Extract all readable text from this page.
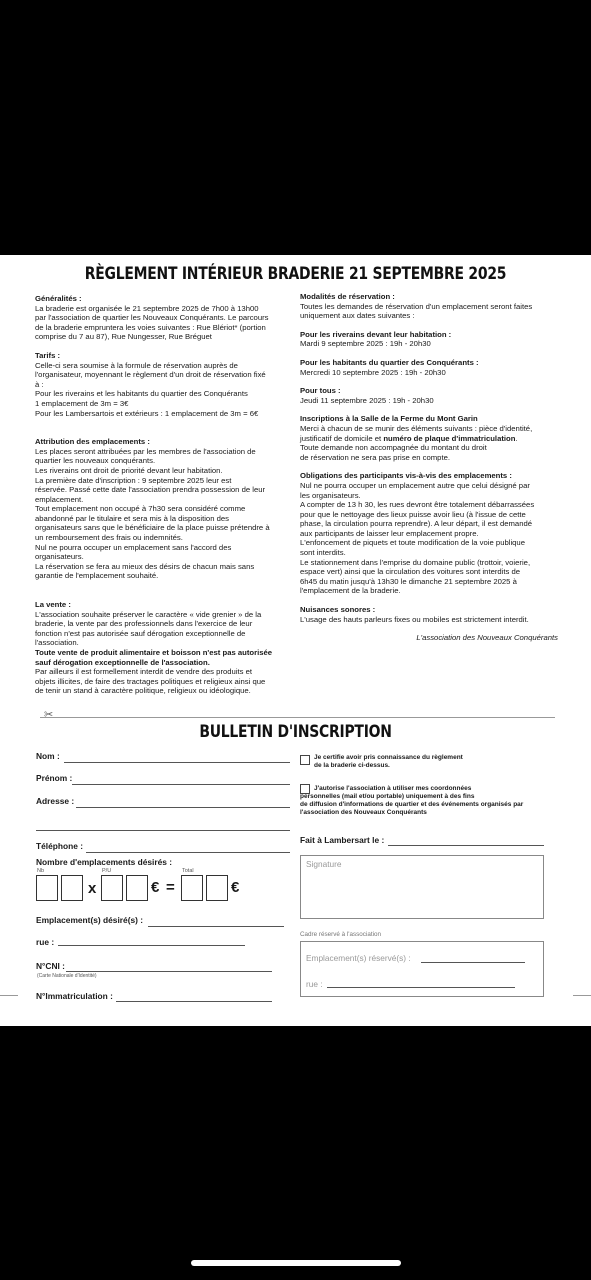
RÈGLEMENT INTÉRIEUR BRADERIE 21 SEPTEMBRE 2025

Généralités :
La braderie est organisée le 21 septembre 2025 de 7h00 à 13h00
par l'association de quartier les Nouveaux Conquérants. Le parcours
de la braderie empruntera les voies suivantes : Rue Blériot* (portion
comprise du 7 au 87), Rue Nungesser, Rue Bréguet

Tarifs :
Celle-ci sera soumise à la formule de réservation auprès de
l'organisateur, moyennant le règlement d'un droit de réservation fixé
à :
Pour les riverains et les habitants du quartier des Conquérants
1 emplacement de 3m = 3€
Pour les Lambersartois et extérieurs : 1 emplacement de 3m = 6€

Attribution des emplacements :
Les places seront attribuées par les membres de l'association de
quartier les nouveaux conquérants.
Les riverains ont droit de priorité devant leur habitation.
La première date d'inscription : 9 septembre 2025 leur est
réservée. Passé cette date l'association prendra possession de leur
emplacement.
Tout emplacement non occupé à 7h30 sera considéré comme
abandonné par le titulaire et sera mis à la disposition des
organisateurs sans que le bénéficiaire de la place puisse prétendre à
un remboursement des frais ou indemnités.
Nul ne pourra occuper un emplacement sans l'accord des
organisateurs.
La réservation se fera au mieux des désirs de chacun mais sans
garantie de l'emplacement souhaité.

La vente :
L'association souhaite préserver le caractère « vide grenier » de la
braderie, la vente par des professionnels dans l'exercice de leur
fonction n'est pas autorisée sauf dérogation exceptionnelle de
l'association.
Toute vente de produit alimentaire et boisson n'est pas autorisée
sauf dérogation exceptionnelle de l'association.
Par ailleurs il est formellement interdit de vendre des produits et
objets illicites, de faire des tractages politiques et religieux ainsi que
de tenir un stand à caractère politique, religieux ou idéologique.

Modalités de réservation :
Toutes les demandes de réservation d'un emplacement seront faites
uniquement aux dates suivantes :

Pour les riverains devant leur habitation :
Mardi 9 septembre 2025 : 19h - 20h30

Pour les habitants du quartier des Conquérants :
Mercredi 10 septembre 2025 : 19h - 20h30

Pour tous :
Jeudi 11 septembre 2025 : 19h - 20h30

Inscriptions à la Salle de la Ferme du Mont Garin
Merci à chacun de se munir des éléments suivants : pièce d'identité,
justificatif de domicile et numéro de plaque d'immatriculation.
Toute demande non accompagnée du montant du droit
de réservation ne sera pas prise en compte.

Obligations des participants vis-à-vis des emplacements :
Nul ne pourra occuper un emplacement autre que celui désigné par
les organisateurs.
A compter de 13 h 30, les rues devront être totalement débarrassées
pour que le nettoyage des lieux puisse avoir lieu (à l'issue de cette
phase, la circulation pourra reprendre). A leur départ, il est demandé
aux participants de laisser leur emplacement propre.
L'enfoncement de piquets et toute modification de la voie publique
sont interdits.
Le stationnement dans l'emprise du domaine public (trottoir, voierie,
espace vert) ainsi que la circulation des voitures sont interdits de
6h45 du matin jusqu'à 13h30 le dimanche 21 septembre 2025 à
l'emplacement de la braderie.

Nuisances sonores :
L'usage des hauts parleurs fixes ou mobiles est strictement interdit.

L'association des Nouveaux Conquérants

✂
BULLETIN D'INSCRIPTION
Nom :
Prénom :
Adresse :
Téléphone :
Nombre d'emplacements désirés :
Nb	P/U	Total
x	€ =	€
Emplacement(s) désiré(s) :
rue :
N°CNI :
(Carte Nationale d'Identité)
N°Immatriculation :
Je certifie avoir pris connaissance du règlement
de la braderie ci-dessus.
J'autorise l'association à utiliser mes coordonnées
personnelles (mail et/ou portable) uniquement à des fins
de diffusion d'informations de quartier et des événements organisés par
l'association des Nouveaux Conquérants
Fait à Lambersart le :
Signature
Cadre réservé à l'association
Emplacement(s) réservé(s) :
rue :
